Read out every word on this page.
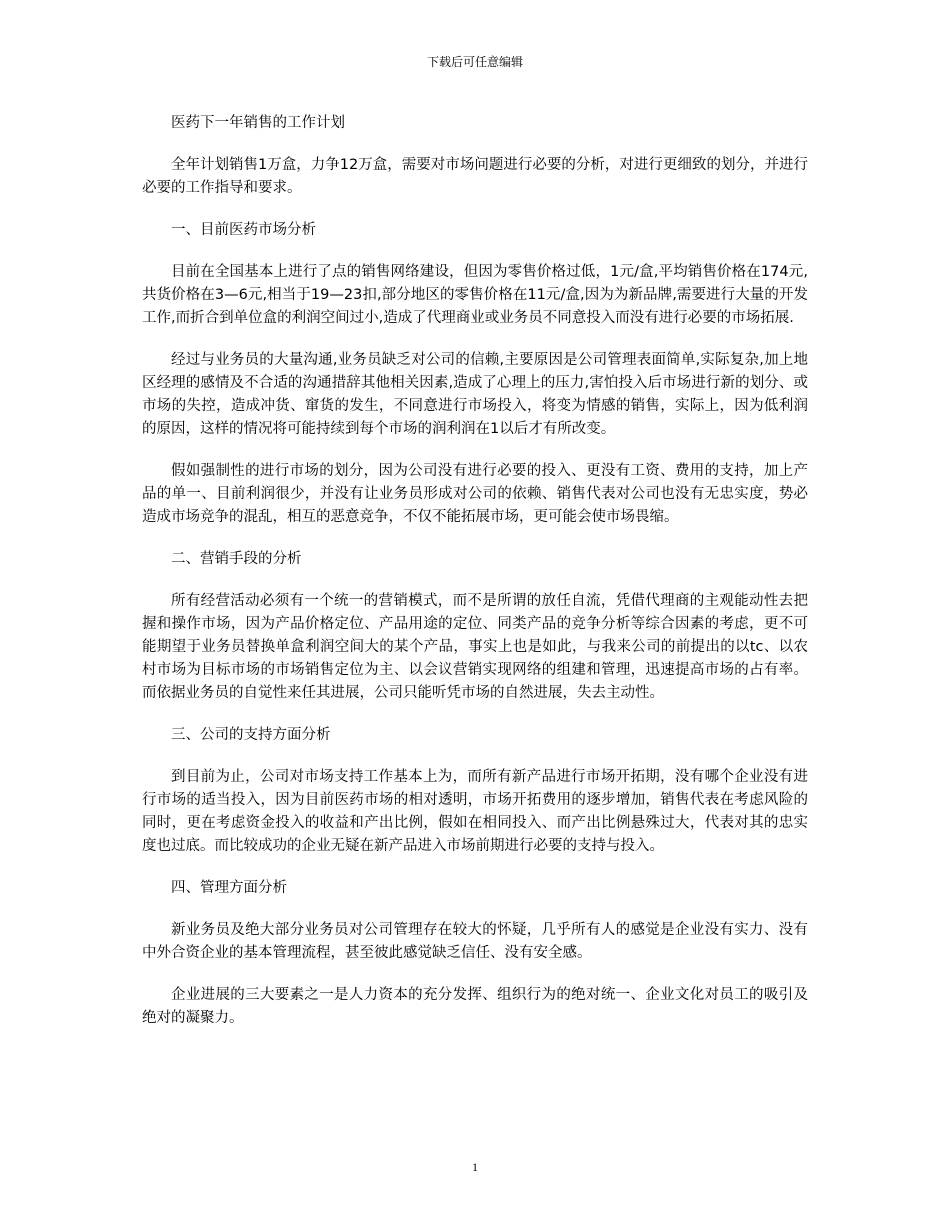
下载后可任意编辑

医药下一年销售的工作计划

全年计划销售1万盒，力争12万盒，需要对市场问题进行必要的分析，对进行更细致的划分，并进行必要的工作指导和要求。

一、目前医药市场分析

目前在全国基本上进行了点的销售网络建设，但因为零售价格过低，1元/盒,平均销售价格在174元,共货价格在3—6元,相当于19—23扣,部分地区的零售价格在11元/盒,因为为新品牌,需要进行大量的开发工作,而折合到单位盒的利润空间过小,造成了代理商业或业务员不同意投入而没有进行必要的市场拓展.

经过与业务员的大量沟通,业务员缺乏对公司的信赖,主要原因是公司管理表面简单,实际复杂,加上地区经理的感情及不合适的沟通措辞其他相关因素,造成了心理上的压力,害怕投入后市场进行新的划分、或市场的失控，造成冲货、窜货的发生，不同意进行市场投入，将变为情感的销售，实际上，因为低利润的原因，这样的情况将可能持续到每个市场的润利润在1以后才有所改变。

假如强制性的进行市场的划分，因为公司没有进行必要的投入、更没有工资、费用的支持，加上产品的单一、目前利润很少，并没有让业务员形成对公司的依赖、销售代表对公司也没有无忠实度，势必造成市场竞争的混乱，相互的恶意竞争，不仅不能拓展市场，更可能会使市场畏缩。

二、营销手段的分析

所有经营活动必须有一个统一的营销模式，而不是所谓的放任自流，凭借代理商的主观能动性去把握和操作市场，因为产品价格定位、产品用途的定位、同类产品的竞争分析等综合因素的考虑，更不可能期望于业务员替换单盒利润空间大的某个产品，事实上也是如此，与我来公司的前提出的以tc、以农村市场为目标市场的市场销售定位为主、以会议营销实现网络的组建和管理，迅速提高市场的占有率。而依据业务员的自觉性来任其进展，公司只能听凭市场的自然进展，失去主动性。

三、公司的支持方面分析

到目前为止，公司对市场支持工作基本上为，而所有新产品进行市场开拓期，没有哪个企业没有进行市场的适当投入，因为目前医药市场的相对透明，市场开拓费用的逐步增加，销售代表在考虑风险的同时，更在考虑资金投入的收益和产出比例，假如在相同投入、而产出比例悬殊过大，代表对其的忠实度也过底。而比较成功的企业无疑在新产品进入市场前期进行必要的支持与投入。

四、管理方面分析

新业务员及绝大部分业务员对公司管理存在较大的怀疑，几乎所有人的感觉是企业没有实力、没有中外合资企业的基本管理流程，甚至彼此感觉缺乏信任、没有安全感。

企业进展的三大要素之一是人力资本的充分发挥、组织行为的绝对统一、企业文化对员工的吸引及绝对的凝聚力。

1
